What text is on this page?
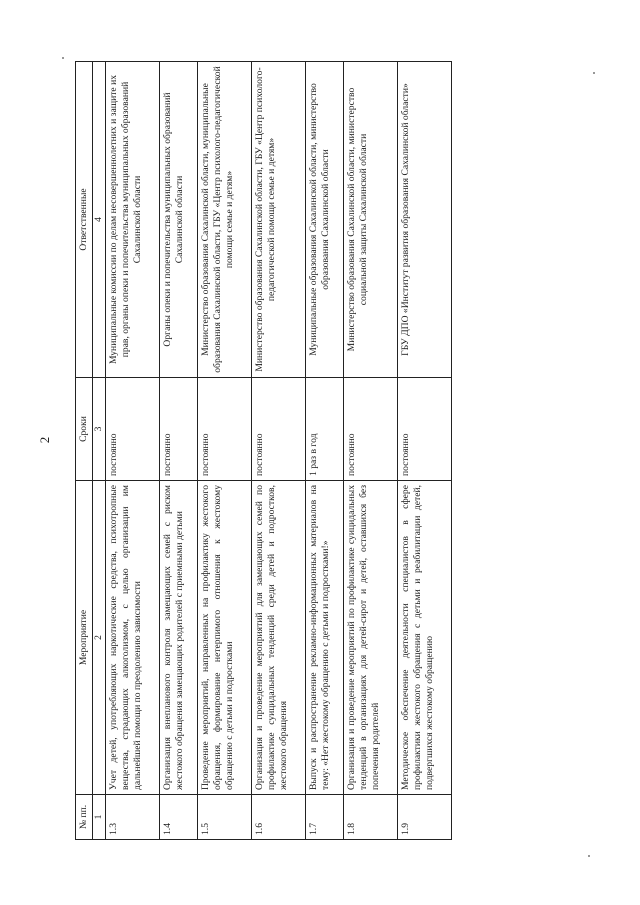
2
№ пп.	Мероприятие	Сроки	Ответственные
1	2	3	4
1.3	Учет детей, употребляющих наркотические средства, психотропные вещества, страдающих алкоголизмом, с целью организации им дальнейшей помощи по преодолению зависимости	постоянно	Муниципальные комиссии по делам несовершеннолетних и защите их прав, органы опеки и попечительства муниципальных образований Сахалинской области
1.4	Организация внепланового контроля замещающих семей с риском жестокого обращения замещающих родителей с приемными детьми	постоянно	Органы опеки и попечительства муниципальных образований Сахалинской области
1.5	Проведение мероприятий, направленных на профилактику жестокого обращения, формирование нетерпимого отношения к жестокому обращению с детьми и подростками	постоянно	Министерство образования Сахалинской области, муниципальные образования Сахалинской области, ГБУ «Центр психолого-педагогической помощи семье и детям»
1.6	Организация и проведение мероприятий для замещающих семей по профилактике суицидальных тенденций среди детей и подростков, жестокого обращения	постоянно	Министерство образования Сахалинской области, ГБУ «Центр психолого-педагогической помощи семье и детям»
1.7	Выпуск и распространение рекламно-информационных материалов на тему: «Нет жестокому обращению с детьми и подростками!»	1 раз в год	Муниципальные образования Сахалинской области, министерство образования Сахалинской области
1.8	Организация и проведение мероприятий по профилактике суицидальных тенденций в организациях для детей-сирот и детей, оставшихся без попечения родителей	постоянно	Министерство образования Сахалинской области, министерство социальной защиты Сахалинской области
1.9	Методическое обеспечение деятельности специалистов в сфере профилактики жестокого обращения с детьми и реабилитации детей, подвергшихся жестокому обращению	постоянно	ГБУ ДПО «Институт развития образования Сахалинской области»
